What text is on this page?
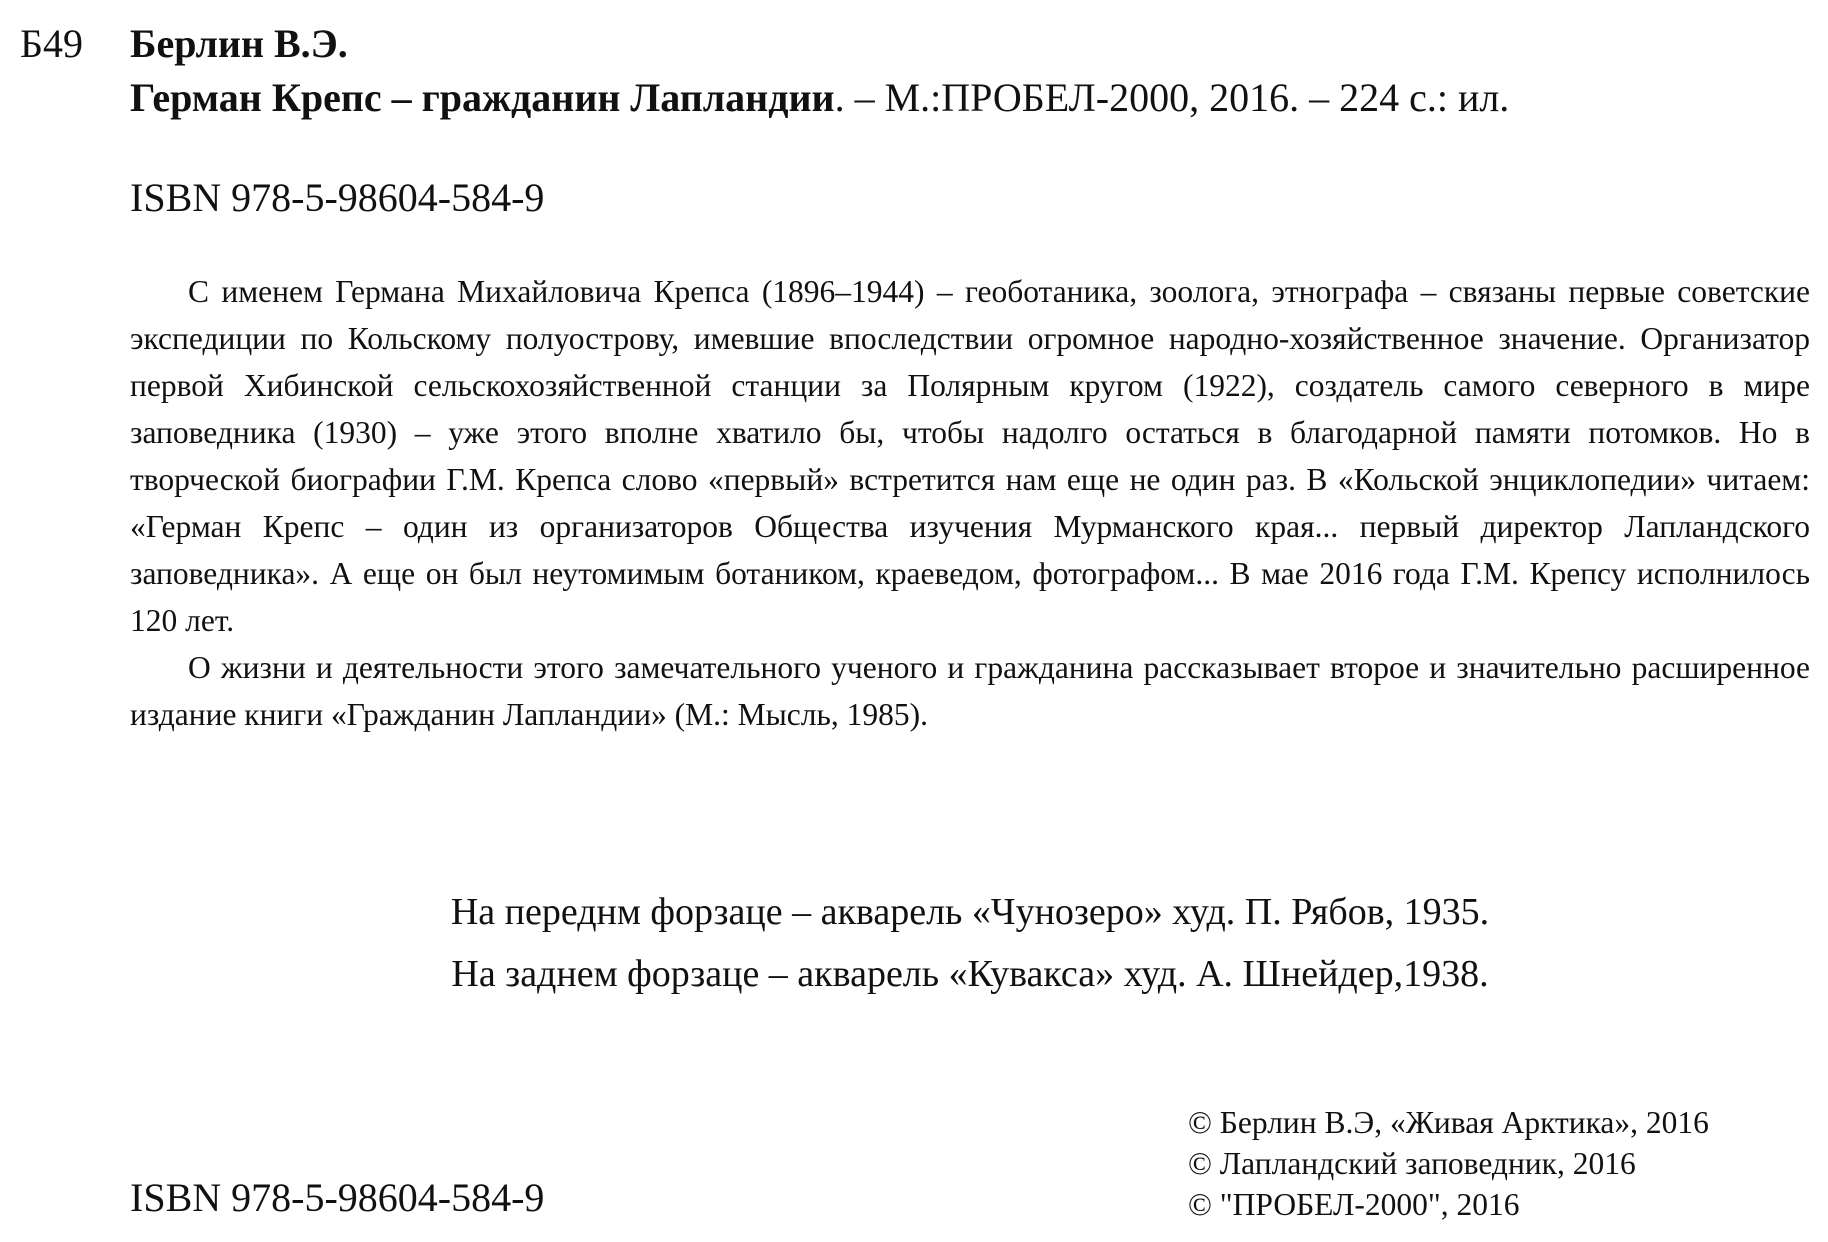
Б49 Берлин В.Э.
Герман Крепс – гражданин Лапландии. – М.:ПРОБЕЛ-2000, 2016. – 224 с.: ил.
ISBN 978-5-98604-584-9

С именем Германа Михайловича Крепса (1896–1944) – геоботаника, зоолога, этнографа – связаны первые советские экспедиции по Кольскому полуострову, имевшие впоследствии огромное народно-хозяйственное значение. Организатор первой Хибинской сельскохозяйственной станции за Полярным кругом (1922), создатель самого северного в мире заповедника (1930) – уже этого вполне хватило бы, чтобы надолго остаться в благодарной памяти потомков. Но в творческой биографии Г.М. Крепса слово «первый» встретится нам еще не один раз. В «Кольской энциклопедии» читаем: «Герман Крепс – один из организаторов Общества изучения Мурманского края... первый директор Лапландского заповедника». А еще он был неутомимым ботаником, краеведом, фотографом... В мае 2016 года Г.М. Крепсу исполнилось 120 лет.

О жизни и деятельности этого замечательного ученого и гражданина рассказывает второе и значительно расширенное издание книги «Гражданин Лапландии» (М.: Мысль, 1985).

На переднм форзаце – акварель «Чунозеро» худ. П. Рябов, 1935.
На заднем форзаце – акварель «Кувакса» худ. А. Шнейдер,1938.
© Берлин В.Э, «Живая Арктика», 2016
© Лапландский заповедник, 2016
© "ПРОБЕЛ-2000", 2016
ISBN 978-5-98604-584-9
